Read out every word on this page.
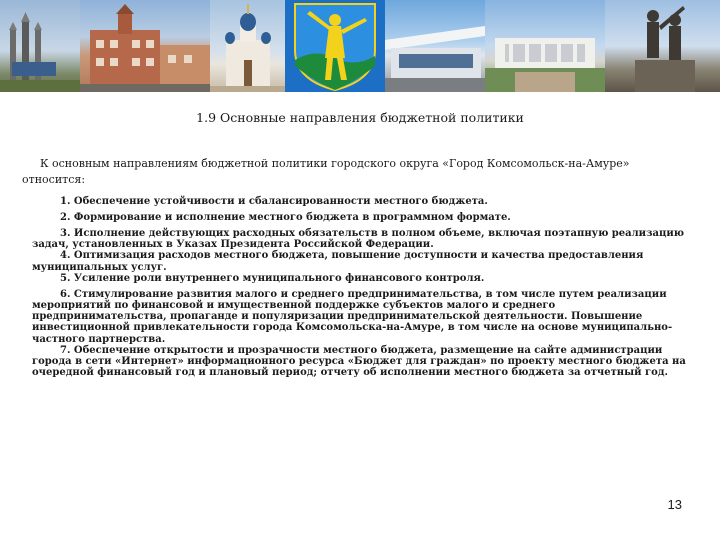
1.9 Основные направления бюджетной политики

К основным направлениям бюджетной политики городского округа «Город Комсомольск-на-Амуре» относится:

1. Обеспечение устойчивости и сбалансированности местного бюджета.
2. Формирование и исполнение местного бюджета в программном формате.
3. Исполнение действующих расходных обязательств в полном объеме, включая поэтапную реализацию задач, установленных в Указах Президента Российской Федерации.
4. Оптимизация расходов местного бюджета, повышение доступности и качества предоставления муниципальных услуг.
5. Усиление роли внутреннего муниципального финансового контроля.
6. Стимулирование развития малого и среднего предпринимательства, в том числе путем реализации мероприятий по финансовой и имущественной поддержке субъектов малого и среднего предпринимательства, пропаганде и популяризации предпринимательской деятельности. Повышение инвестиционной привлекательности города Комсомольска-на-Амуре, в том числе на основе муниципально-частного партнерства.
7. Обеспечение открытости и прозрачности местного бюджета, размещение на сайте администрации города в сети «Интернет» информационного ресурса «Бюджет для граждан» по проекту местного бюджета на очередной финансовый год и плановый период; отчету об исполнении местного бюджета за отчетный год.
13
